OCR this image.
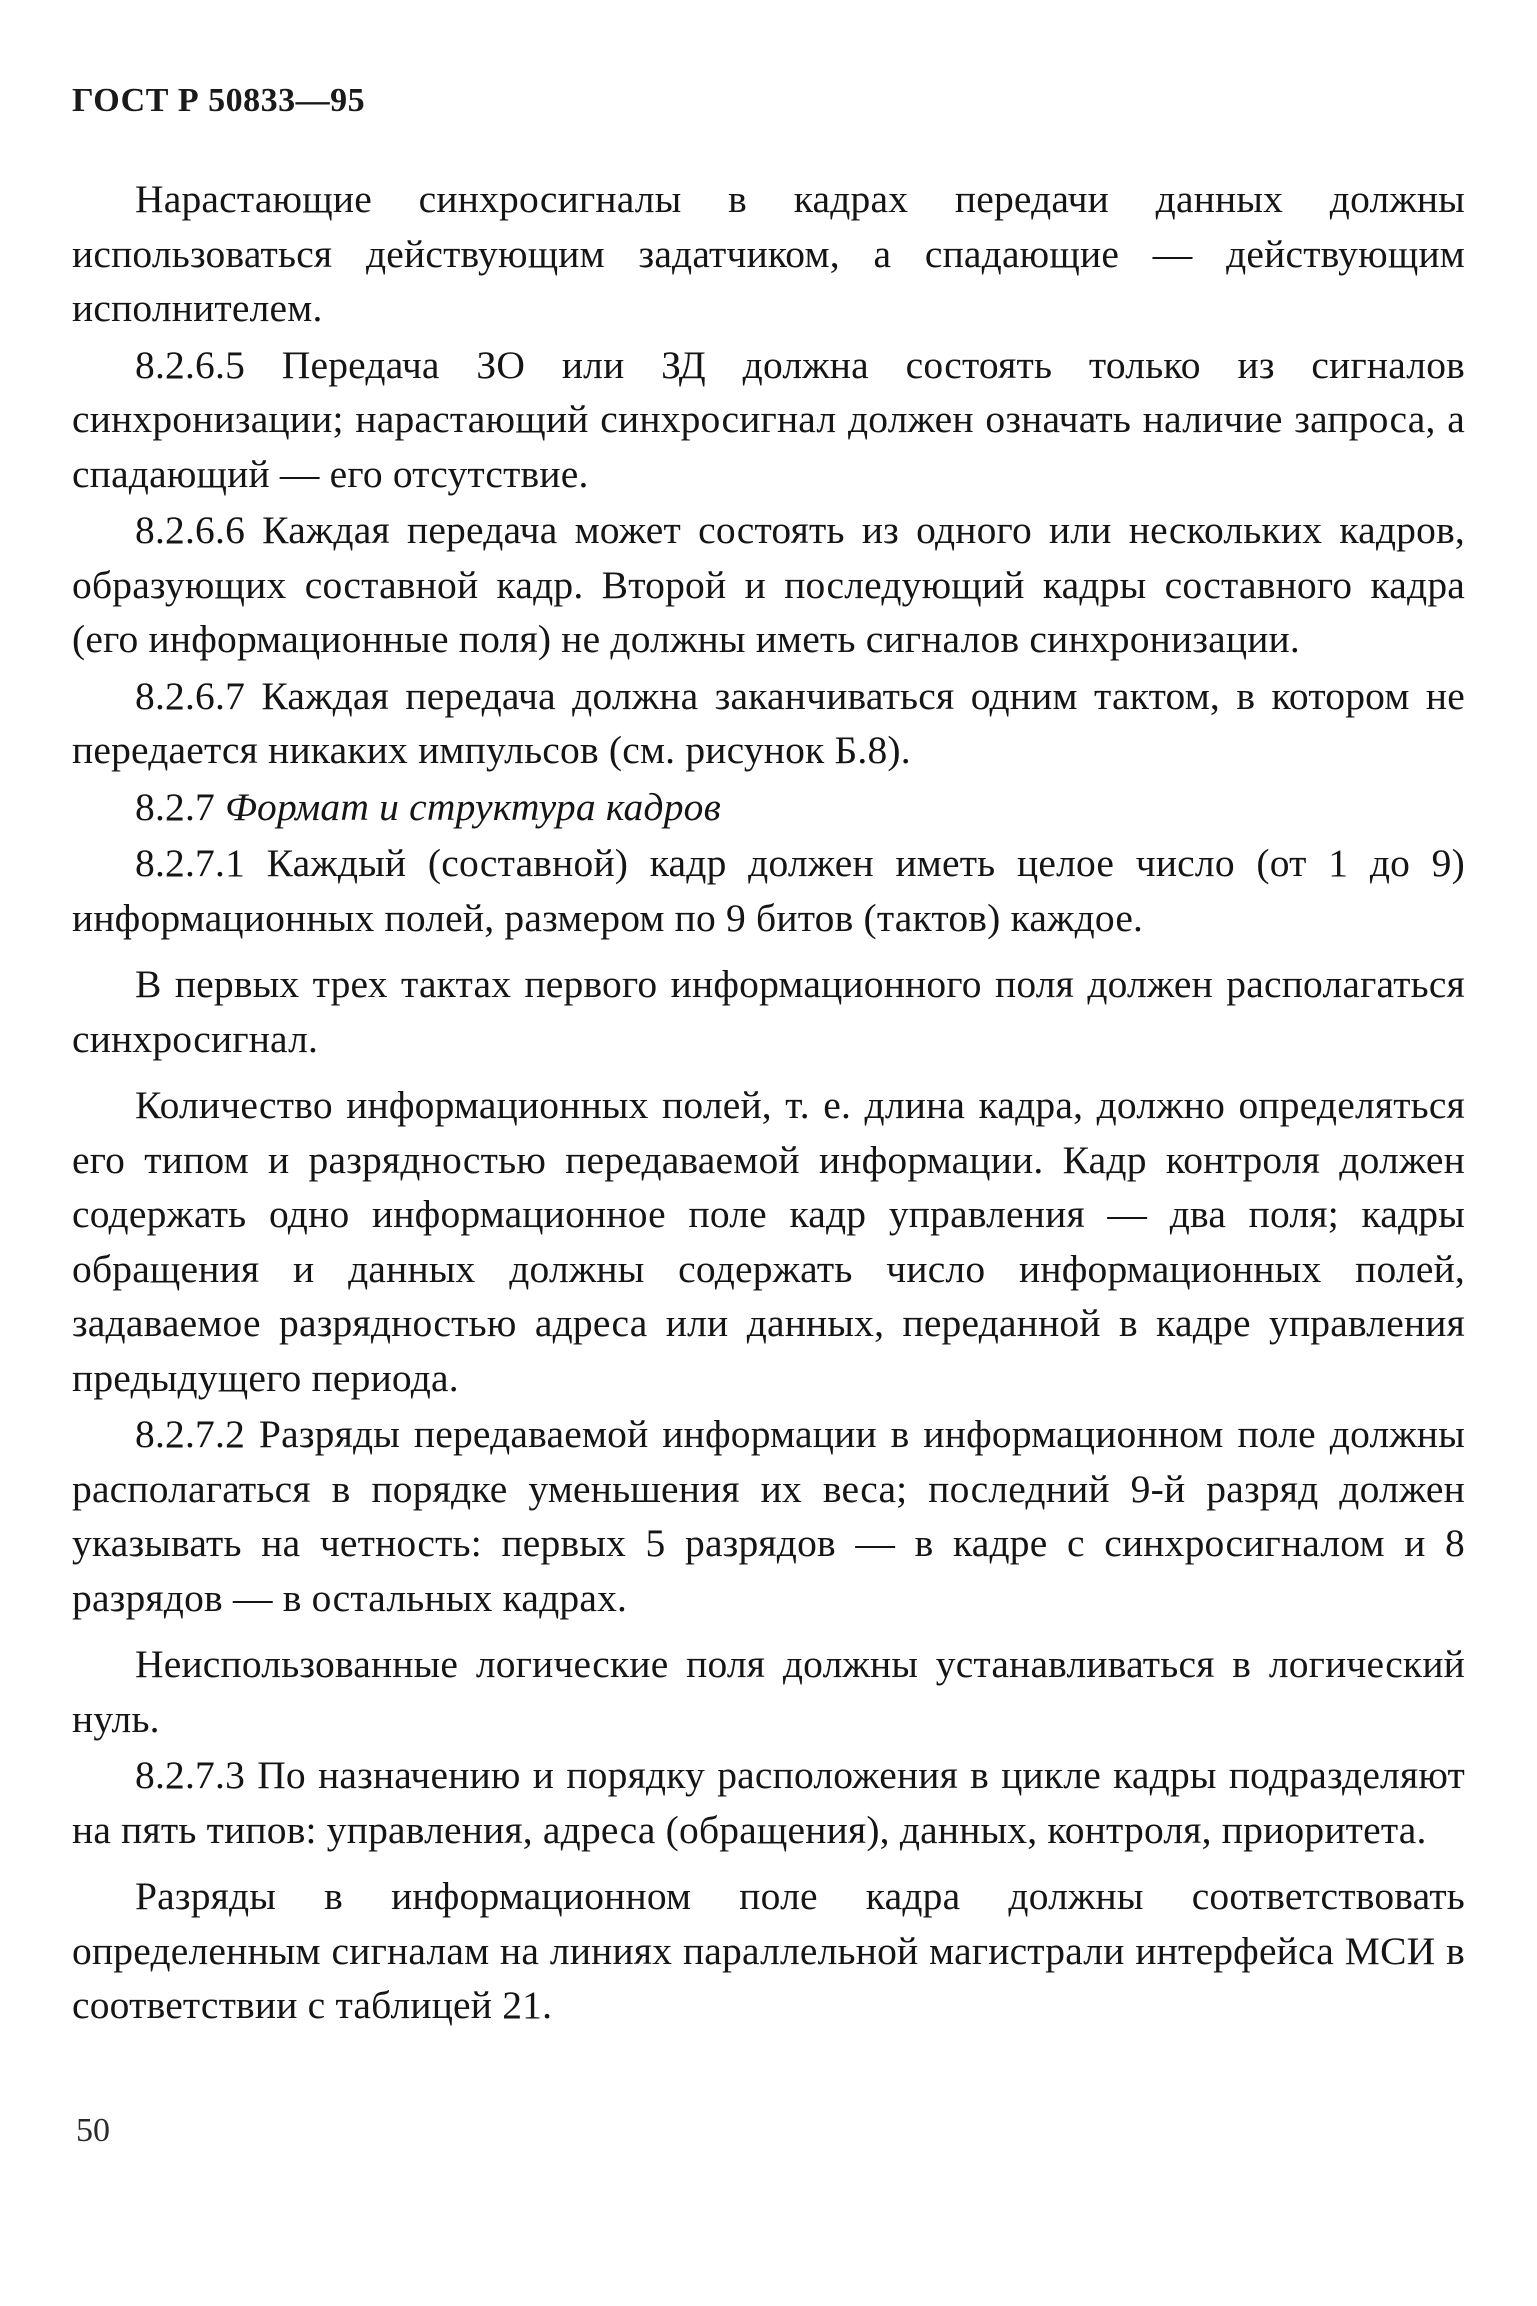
ГОСТ Р 50833—95

Нарастающие синхросигналы в кадрах передачи данных должны использоваться действующим задатчиком, а спадающие — действующим исполнителем.

8.2.6.5 Передача ЗО или ЗД должна состоять только из сигналов синхронизации; нарастающий синхросигнал должен означать наличие запроса, а спадающий — его отсутствие.

8.2.6.6 Каждая передача может состоять из одного или нескольких кадров, образующих составной кадр. Второй и последующий кадры составного кадра (его информационные поля) не должны иметь сигналов синхронизации.

8.2.6.7 Каждая передача должна заканчиваться одним тактом, в котором не передается никаких импульсов (см. рисунок Б.8).

8.2.7 Формат и структура кадров

8.2.7.1 Каждый (составной) кадр должен иметь целое число (от 1 до 9) информационных полей, размером по 9 битов (тактов) каждое.

В первых трех тактах первого информационного поля должен располагаться синхросигнал.

Количество информационных полей, т. е. длина кадра, должно определяться его типом и разрядностью передаваемой информации. Кадр контроля должен содержать одно информационное поле кадр управления — два поля; кадры обращения и данных должны содержать число информационных полей, задаваемое разрядностью адреса или данных, переданной в кадре управления предыдущего периода.

8.2.7.2 Разряды передаваемой информации в информационном поле должны располагаться в порядке уменьшения их веса; последний 9-й разряд должен указывать на четность: первых 5 разрядов — в кадре с синхросигналом и 8 разрядов — в остальных кадрах.

Неиспользованные логические поля должны устанавливаться в логический нуль.

8.2.7.3 По назначению и порядку расположения в цикле кадры подразделяют на пять типов: управления, адреса (обращения), данных, контроля, приоритета.

Разряды в информационном поле кадра должны соответствовать определенным сигналам на линиях параллельной магистрали интерфейса МСИ в соответствии с таблицей 21.

50
